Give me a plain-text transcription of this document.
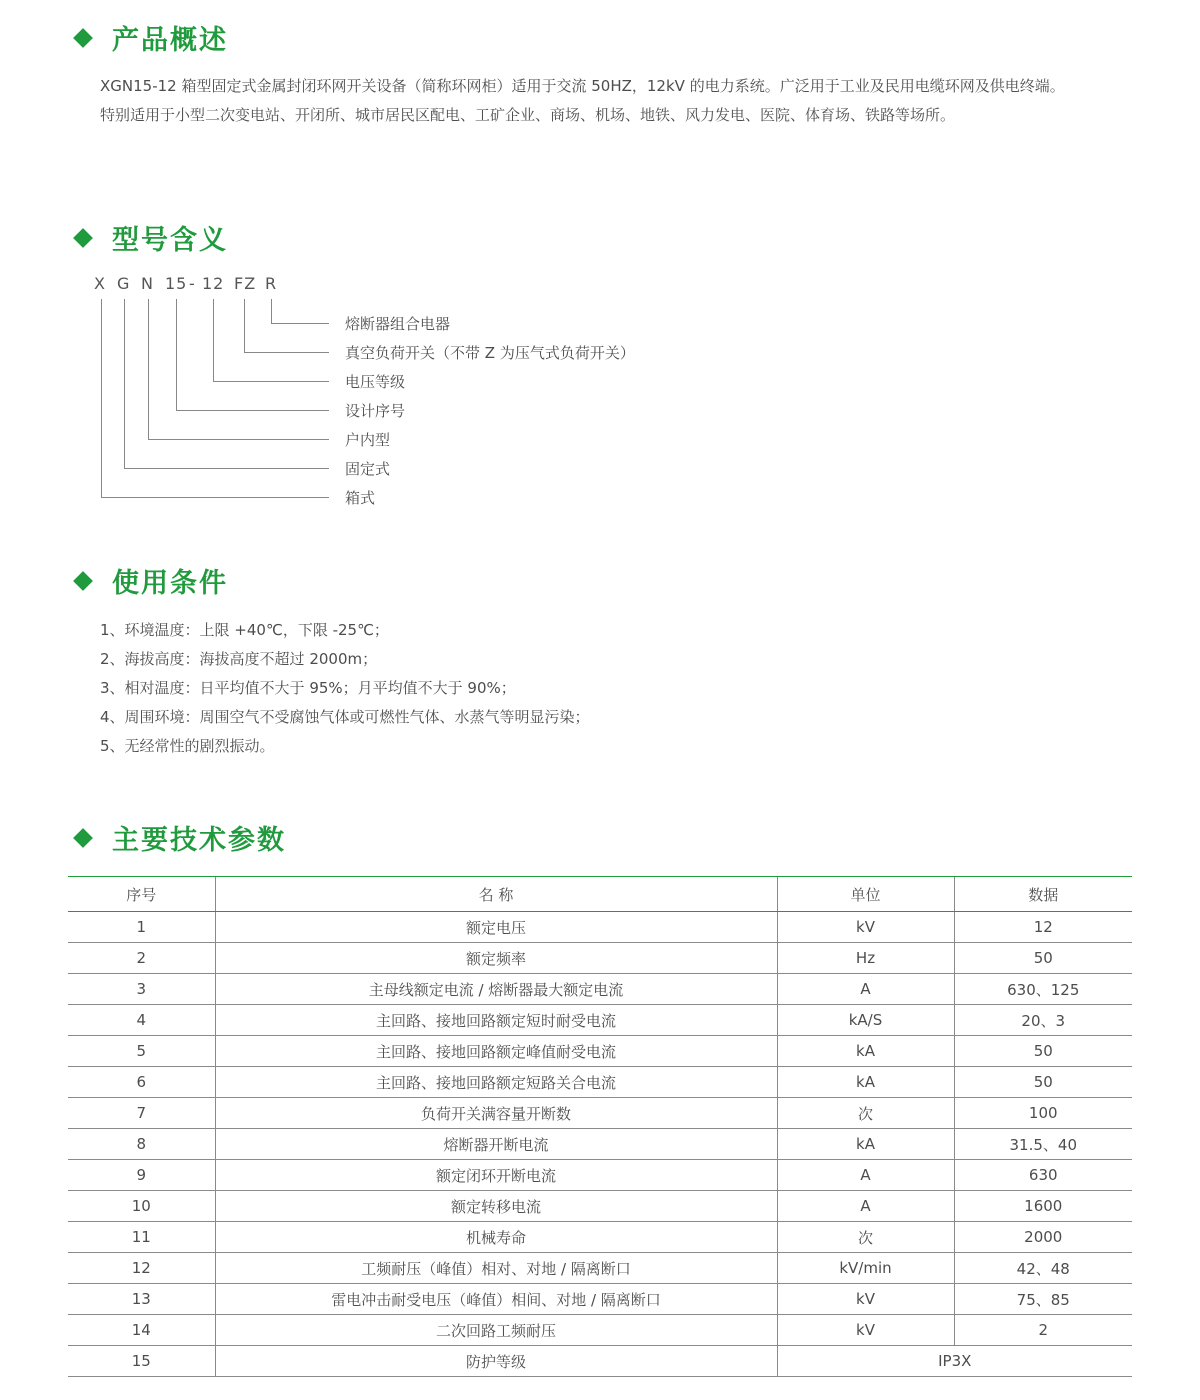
产品概述

XGN15-12 箱型固定式金属封闭环网开关设备（简称环网柜）适用于交流 50HZ，12kV 的电力系统。广泛用于工业及民用电缆环网及供电终端。

特别适用于小型二次变电站、开闭所、城市居民区配电、工矿企业、商场、机场、地铁、风力发电、医院、体育场、铁路等场所。

型号含义
X G N 15 - 12 FZ R
熔断器组合电器
真空负荷开关（不带 Z 为压气式负荷开关）
电压等级
设计序号
户内型
固定式
箱式
使用条件
1、环境温度：上限 +40℃，下限 -25℃；
2、海拔高度：海拔高度不超过 2000m；
3、相对温度：日平均值不大于 95%；月平均值不大于 90%；
4、周围环境：周围空气不受腐蚀气体或可燃性气体、水蒸气等明显污染；
5、无经常性的剧烈振动。
主要技术参数
序号	名 称	单位	数据
1	额定电压	kV	12
2	额定频率	Hz	50
3	主母线额定电流 / 熔断器最大额定电流	A	630、125
4	主回路、接地回路额定短时耐受电流	kA/S	20、3
5	主回路、接地回路额定峰值耐受电流	kA	50
6	主回路、接地回路额定短路关合电流	kA	50
7	负荷开关满容量开断数	次	100
8	熔断器开断电流	kA	31.5、40
9	额定闭环开断电流	A	630
10	额定转移电流	A	1600
11	机械寿命	次	2000
12	工频耐压（峰值）相对、对地 / 隔离断口	kV/min	42、48
13	雷电冲击耐受电压（峰值）相间、对地 / 隔离断口	kV	75、85
14	二次回路工频耐压	kV	2
15	防护等级	IP3X	
